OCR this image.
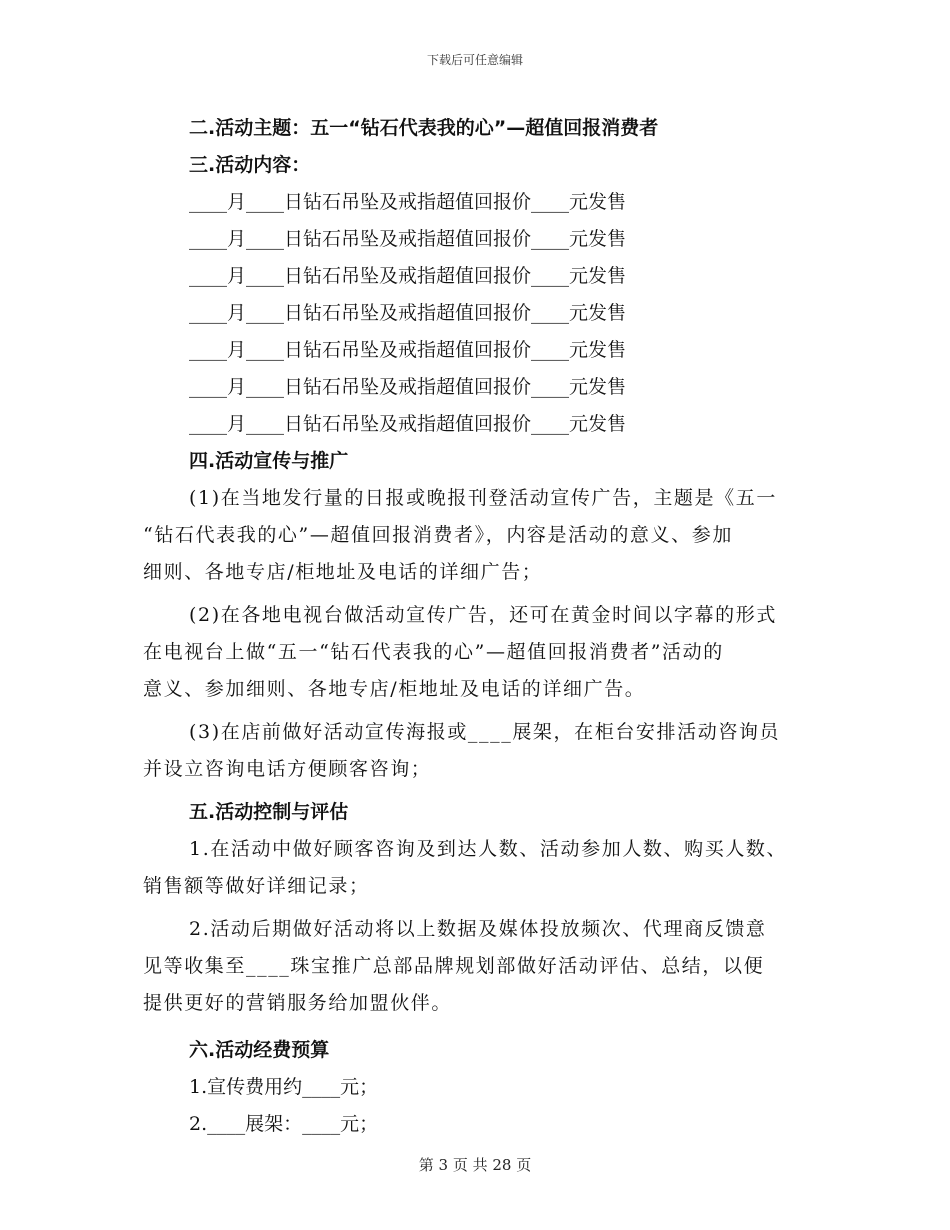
下载后可任意编辑
二.活动主题：五一“钻石代表我的心”—超值回报消费者
三.活动内容：
____月____日钻石吊坠及戒指超值回报价____元发售
____月____日钻石吊坠及戒指超值回报价____元发售
____月____日钻石吊坠及戒指超值回报价____元发售
____月____日钻石吊坠及戒指超值回报价____元发售
____月____日钻石吊坠及戒指超值回报价____元发售
____月____日钻石吊坠及戒指超值回报价____元发售
____月____日钻石吊坠及戒指超值回报价____元发售
四.活动宣传与推广
(1)在当地发行量的日报或晚报刊登活动宣传广告，主题是《五一
“钻石代表我的心”—超值回报消费者》，内容是活动的意义、参加
细则、各地专店/柜地址及电话的详细广告；
(2)在各地电视台做活动宣传广告，还可在黄金时间以字幕的形式
在电视台上做“五一“钻石代表我的心”—超值回报消费者”活动的
意义、参加细则、各地专店/柜地址及电话的详细广告。
(3)在店前做好活动宣传海报或____展架，在柜台安排活动咨询员
并设立咨询电话方便顾客咨询；
五.活动控制与评估
1.在活动中做好顾客咨询及到达人数、活动参加人数、购买人数、
销售额等做好详细记录；
2.活动后期做好活动将以上数据及媒体投放频次、代理商反馈意
见等收集至____珠宝推广总部品牌规划部做好活动评估、总结，以便
提供更好的营销服务给加盟伙伴。
六.活动经费预算
1.宣传费用约____元；
2.____展架：____元；
第 3 页 共 28 页
